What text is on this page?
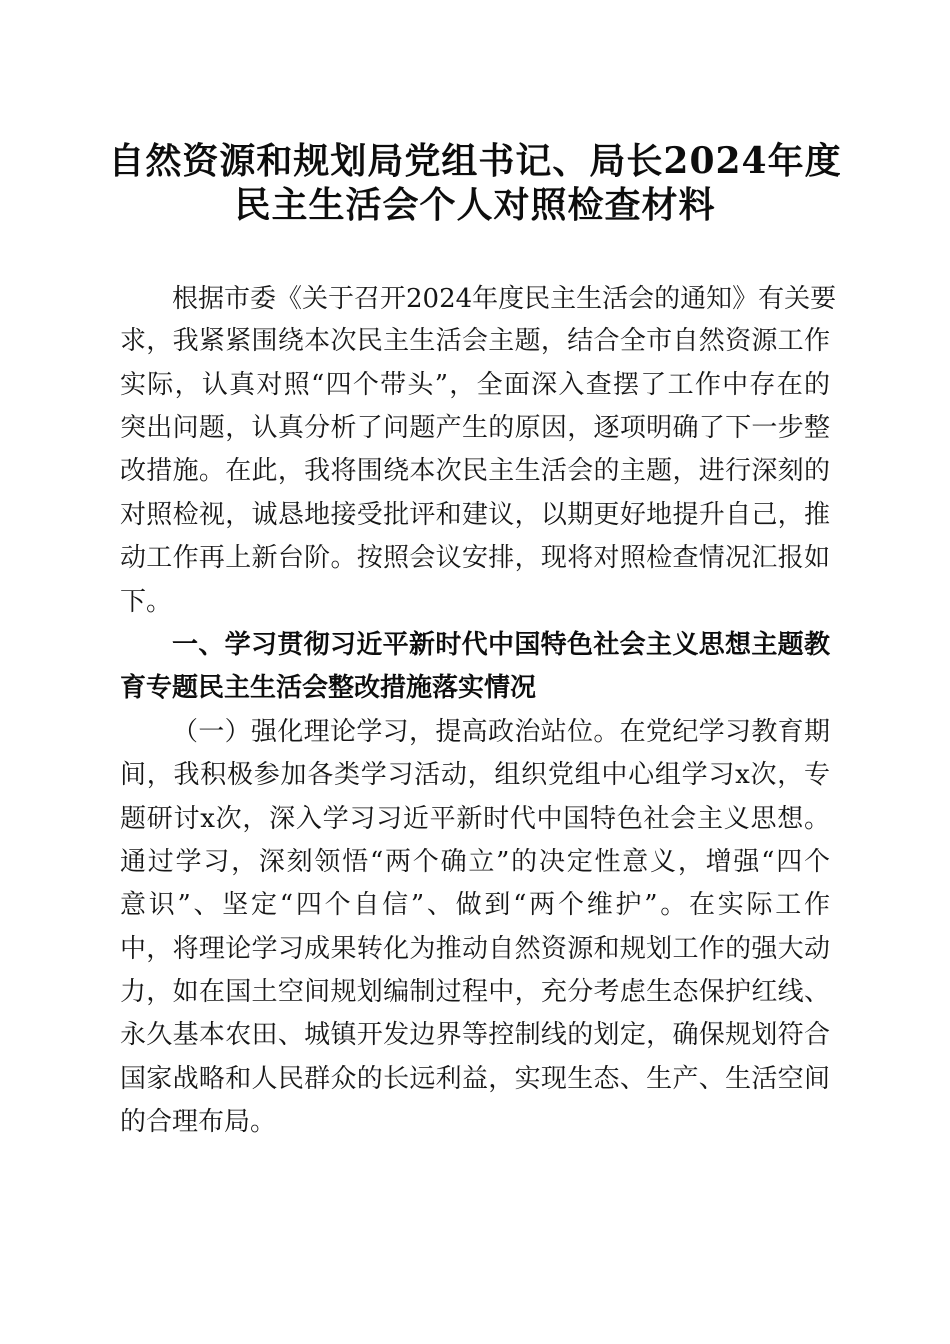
自然资源和规划局党组书记、局长2024年度
民主生活会个人对照检查材料
根据市委《关于召开2024年度民主生活会的通知》有关要
求，我紧紧围绕本次民主生活会主题，结合全市自然资源工作
实际，认真对照“四个带头”，全面深入查摆了工作中存在的
突出问题，认真分析了问题产生的原因，逐项明确了下一步整
改措施。在此，我将围绕本次民主生活会的主题，进行深刻的
对照检视，诚恳地接受批评和建议，以期更好地提升自己，推
动工作再上新台阶。按照会议安排，现将对照检查情况汇报如
下。
一、学习贯彻习近平新时代中国特色社会主义思想主题教
育专题民主生活会整改措施落实情况
（一）强化理论学习，提高政治站位。在党纪学习教育期
间，我积极参加各类学习活动，组织党组中心组学习x次，专
题研讨x次，深入学习习近平新时代中国特色社会主义思想。
通过学习，深刻领悟“两个确立”的决定性意义，增强“四个
意识”、坚定“四个自信”、做到“两个维护”。在实际工作
中，将理论学习成果转化为推动自然资源和规划工作的强大动
力，如在国土空间规划编制过程中，充分考虑生态保护红线、
永久基本农田、城镇开发边界等控制线的划定，确保规划符合
国家战略和人民群众的长远利益，实现生态、生产、生活空间
的合理布局。
